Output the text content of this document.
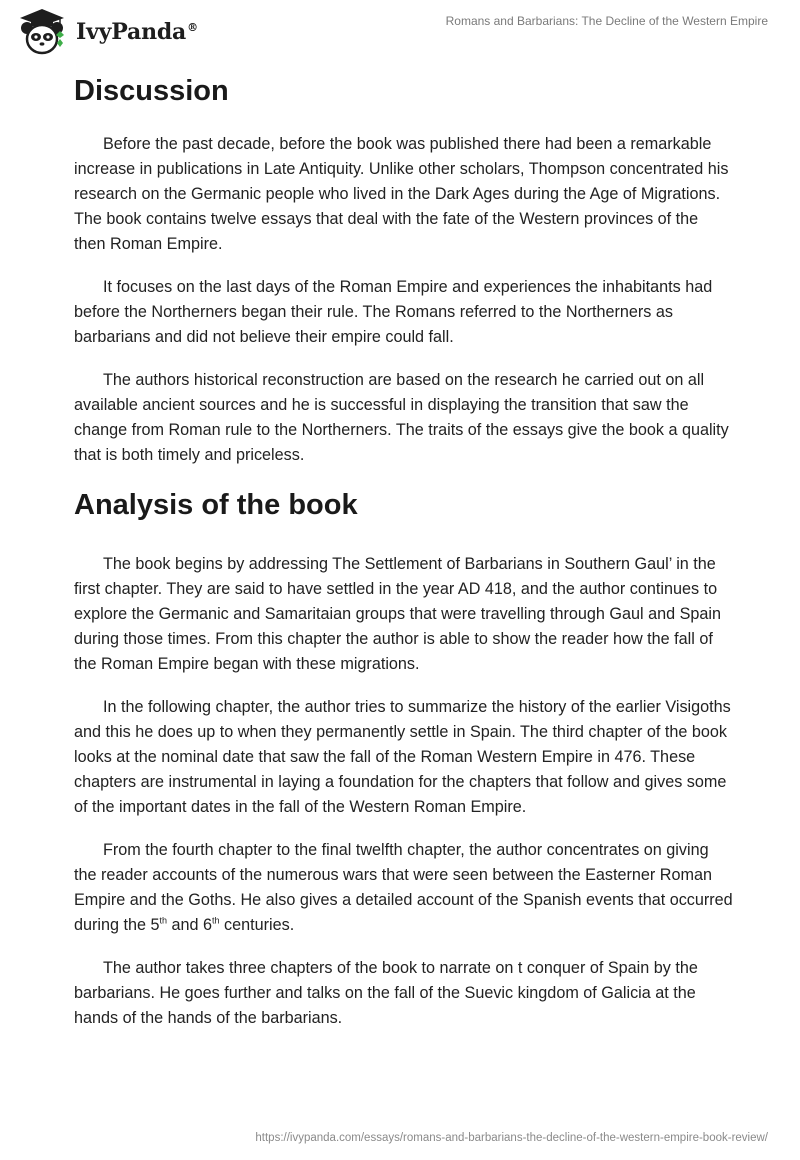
IvyPanda®	Romans and Barbarians: The Decline of the Western Empire
Discussion

Before the past decade, before the book was published there had been a remarkable increase in publications in Late Antiquity. Unlike other scholars, Thompson concentrated his research on the Germanic people who lived in the Dark Ages during the Age of Migrations. The book contains twelve essays that deal with the fate of the Western provinces of the then Roman Empire.

It focuses on the last days of the Roman Empire and experiences the inhabitants had before the Northerners began their rule. The Romans referred to the Northerners as barbarians and did not believe their empire could fall.

The authors historical reconstruction are based on the research he carried out on all available ancient sources and he is successful in displaying the transition that saw the change from Roman rule to the Northerners. The traits of the essays give the book a quality that is both timely and priceless.

Analysis of the book

The book begins by addressing The Settlement of Barbarians in Southern Gaul’ in the first chapter. They are said to have settled in the year AD 418, and the author continues to explore the Germanic and Samaritaian groups that were travelling through Gaul and Spain during those times. From this chapter the author is able to show the reader how the fall of the Roman Empire began with these migrations.

In the following chapter, the author tries to summarize the history of the earlier Visigoths and this he does up to when they permanently settle in Spain. The third chapter of the book looks at the nominal date that saw the fall of the Roman Western Empire in 476. These chapters are instrumental in laying a foundation for the chapters that follow and gives some of the important dates in the fall of the Western Roman Empire.

From the fourth chapter to the final twelfth chapter, the author concentrates on giving the reader accounts of the numerous wars that were seen between the Easterner Roman Empire and the Goths. He also gives a detailed account of the Spanish events that occurred during the 5th and 6th centuries.

The author takes three chapters of the book to narrate on t conquer of Spain by the barbarians. He goes further and talks on the fall of the Suevic kingdom of Galicia at the hands of the hands of the barbarians.

https://ivypanda.com/essays/romans-and-barbarians-the-decline-of-the-western-empire-book-review/
